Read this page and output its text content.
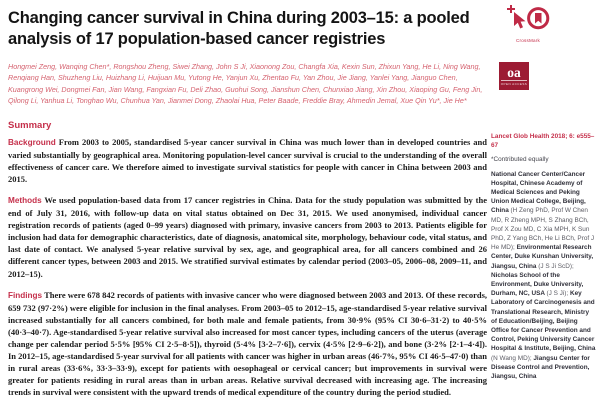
Changing cancer survival in China during 2003–15: a pooled
analysis of 17 population-based cancer registries

Hongmei Zeng, Wanqing Chen*, Rongshou Zheng, Siwei Zhang, John S Ji, Xiaonong Zou, Changfa Xia, Kexin Sun, Zhixun Yang, He Li, Ning Wang, Renqiang Han, Shuzheng Liu, Huizhang Li, Huijuan Mu, Yutong He, Yanjun Xu, Zhentao Fu, Yan Zhou, Jie Jiang, Yanlei Yang, Jianguo Chen, Kuangrong Wei, Dongmei Fan, Jian Wang, Fangxian Fu, Deli Zhao, Guohui Song, Jianshun Chen, Chunxiao Jiang, Xin Zhou, Xiaoping Gu, Feng Jin, Qilong Li, Yanhua Li, Tonghao Wu, Chunhua Yan, Jianmei Dong, Zhaolai Hua, Peter Baade, Freddie Bray, Ahmedin Jemal, Xue Qin Yu*, Jie He*

Summary

Background From 2003 to 2005, standardised 5-year cancer survival in China was much lower than in developed countries and varied substantially by geographical area. Monitoring population-level cancer survival is crucial to the understanding of the overall effectiveness of cancer care. We therefore aimed to investigate survival statistics for people with cancer in China between 2003 and 2015.

Methods We used population-based data from 17 cancer registries in China. Data for the study population was submitted by the end of July 31, 2016, with follow-up data on vital status obtained on Dec 31, 2015. We used anonymised, individual cancer registration records of patients (aged 0–99 years) diagnosed with primary, invasive cancers from 2003 to 2013. Patients eligible for inclusion had data for demographic characteristics, date of diagnosis, anatomical site, morphology, behaviour code, vital status, and last date of contact. We analysed 5-year relative survival by sex, age, and geographical area, for all cancers combined and 26 different cancer types, between 2003 and 2015. We stratified survival estimates by calendar period (2003–05, 2006–08, 2009–11, and 2012–15).

Findings There were 678 842 records of patients with invasive cancer who were diagnosed between 2003 and 2013. Of these records, 659 732 (97·2%) were eligible for inclusion in the final analyses. From 2003–05 to 2012–15, age-standardised 5-year relative survival increased substantially for all cancers combined, for both male and female patients, from 30·9% (95% CI 30·6–31·2) to 40·5% (40·3–40·7). Age-standardised 5-year relative survival also increased for most cancer types, including cancers of the uterus (average change per calendar period 5·5% [95% CI 2·5–8·5]), thyroid (5·4% [3·2–7·6]), cervix (4·5% [2·9–6·2]), and bone (3·2% [2·1–4·4]). In 2012–15, age-standardised 5-year survival for all patients with cancer was higher in urban areas (46·7%, 95% CI 46·5–47·0) than in rural areas (33·6%, 33·3–33·9), except for patients with oesophageal or cervical cancer; but improvements in survival were greater for patients residing in rural areas than in urban areas. Relative survival decreased with increasing age. The increasing trends in survival were consistent with the upward trends of medical expenditure of the country during the period studied.

CrossMark
oa
OPEN ACCESS

Lancet Glob Health 2018; 6: e555–67

*Contributed equally

National Cancer Center/Cancer Hospital, Chinese Academy of Medical Sciences and Peking Union Medical College, Beijing, China (H Zeng PhD, Prof W Chen MD, R Zheng MPH, S Zhang BCh, Prof X Zou MD, C Xia MPH, K Sun PhD, Z Yang BCh, He Li BCh, Prof J He MD); Environmental Research Center, Duke Kunshan University, Jiangsu, China (J S Ji ScD); Nicholas School of the Environment, Duke University, Durham, NC, USA (J S Ji); Key Laboratory of Carcinogenesis and Translational Research, Ministry of Education/Beijing, Beijing Office for Cancer Prevention and Control, Peking University Cancer Hospital & Institute, Beijing, China (N Wang MD); Jiangsu Center for Disease Control and Prevention, Jiangsu, China
